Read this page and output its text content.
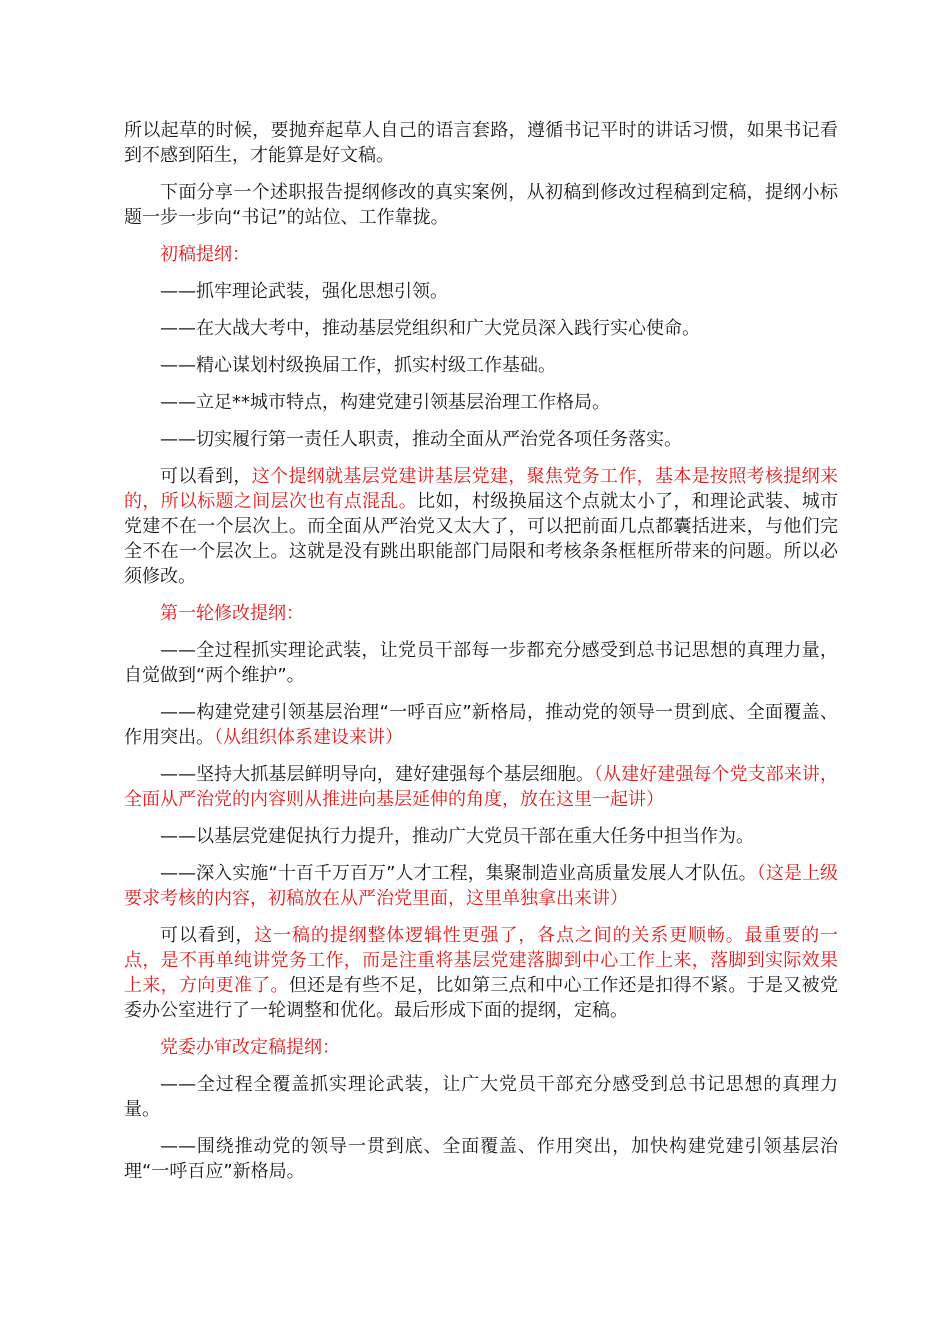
所以起草的时候，要抛弃起草人自己的语言套路，遵循书记平时的讲话习惯，如果书记看到不感到陌生，才能算是好文稿。

下面分享一个述职报告提纲修改的真实案例，从初稿到修改过程稿到定稿，提纲小标题一步一步向“书记”的站位、工作靠拢。

初稿提纲：

——抓牢理论武装，强化思想引领。

——在大战大考中，推动基层党组织和广大党员深入践行实心使命。

——精心谋划村级换届工作，抓实村级工作基础。

——立足**城市特点，构建党建引领基层治理工作格局。

——切实履行第一责任人职责，推动全面从严治党各项任务落实。

可以看到，这个提纲就基层党建讲基层党建，聚焦党务工作，基本是按照考核提纲来的，所以标题之间层次也有点混乱。比如，村级换届这个点就太小了，和理论武装、城市党建不在一个层次上。而全面从严治党又太大了，可以把前面几点都囊括进来，与他们完全不在一个层次上。这就是没有跳出职能部门局限和考核条条框框所带来的问题。所以必须修改。

第一轮修改提纲：

——全过程抓实理论武装，让党员干部每一步都充分感受到总书记思想的真理力量，自觉做到“两个维护”。

——构建党建引领基层治理“一呼百应”新格局，推动党的领导一贯到底、全面覆盖、作用突出。（从组织体系建设来讲）

——坚持大抓基层鲜明导向，建好建强每个基层细胞。（从建好建强每个党支部来讲，全面从严治党的内容则从推进向基层延伸的角度，放在这里一起讲）

——以基层党建促执行力提升，推动广大党员干部在重大任务中担当作为。

——深入实施“十百千万百万”人才工程，集聚制造业高质量发展人才队伍。（这是上级要求考核的内容，初稿放在从严治党里面，这里单独拿出来讲）

可以看到，这一稿的提纲整体逻辑性更强了，各点之间的关系更顺畅。最重要的一点，是不再单纯讲党务工作，而是注重将基层党建落脚到中心工作上来，落脚到实际效果上来，方向更准了。但还是有些不足，比如第三点和中心工作还是扣得不紧。于是又被党委办公室进行了一轮调整和优化。最后形成下面的提纲，定稿。

党委办审改定稿提纲：

——全过程全覆盖抓实理论武装，让广大党员干部充分感受到总书记思想的真理力量。

——围绕推动党的领导一贯到底、全面覆盖、作用突出，加快构建党建引领基层治理“一呼百应”新格局。
